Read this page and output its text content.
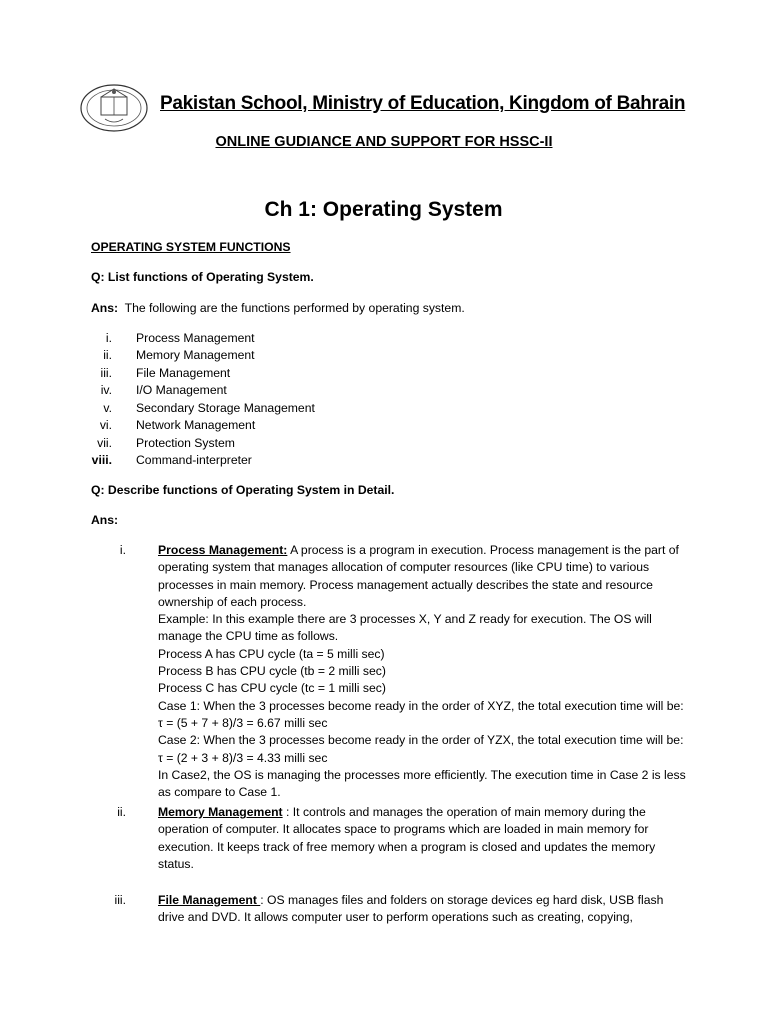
Pakistan School, Ministry of Education, Kingdom of Bahrain
ONLINE GUDIANCE AND SUPPORT FOR HSSC-II
Ch 1: Operating System
OPERATING SYSTEM FUNCTIONS
Q: List functions of Operating System.
Ans: The following are the functions performed by operating system.
i. Process Management
ii. Memory Management
iii. File Management
iv. I/O Management
v. Secondary Storage Management
vi. Network Management
vii. Protection System
viii. Command-interpreter
Q: Describe functions of Operating System in Detail.
Ans:
i.	Process Management: A process is a program in execution. Process management is the part of operating system that manages allocation of computer resources (like CPU time) to various processes in main memory. Process management actually describes the state and resource ownership of each process.

Example: In this example there are 3 processes X, Y and Z ready for execution. The OS will manage the CPU time as follows.

Process A has CPU cycle (ta = 5 milli sec)

Process B has CPU cycle (tb = 2 milli sec)

Process C has CPU cycle (tc = 1 milli sec)

Case 1: When the 3 processes become ready in the order of XYZ, the total execution time will be: τ = (5 + 7 + 8)/3 = 6.67 milli sec

Case 2: When the 3 processes become ready in the order of YZX, the total execution time will be: τ = (2 + 3 + 8)/3 = 4.33 milli sec

In Case2, the OS is managing the processes more efficiently. The execution time in Case 2 is less as compare to Case 1.

ii.	Memory Management : It controls and manages the operation of main memory during the operation of computer. It allocates space to programs which are loaded in main memory for execution. It keeps track of free memory when a program is closed and updates the memory status.

iii.	File Management : OS manages files and folders on storage devices eg hard disk, USB flash drive and DVD. It allows computer user to perform operations such as creating, copying,
